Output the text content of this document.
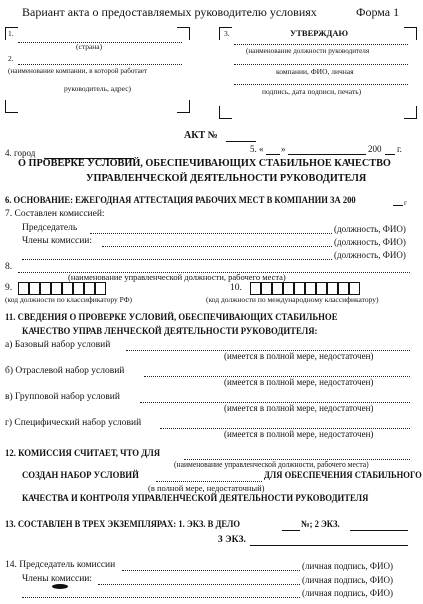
Вариант акта о предоставляемых руководителю условиях	Форма 1
1.
(страна)
2.
(наименование компании, в которой работает
руководитель, адрес)
3.	УТВЕРЖДАЮ
(наименование должности руководителя
компании, ФИО, личная
подпись, дата подписи, печать)
АКТ №
4. город	5. « »	200 г.
О ПРОВЕРКЕ УСЛОВИЙ, ОБЕСПЕЧИВАЮЩИХ СТАБИЛЬНОЕ КАЧЕСТВО
УПРАВЛЕНЧЕСКОЙ ДЕЯТЕЛЬНОСТИ РУКОВОДИТЕЛЯ
6. ОСНОВАНИЕ: ЕЖЕГОДНАЯ АТТЕСТАЦИЯ РАБОЧИХ МЕСТ В КОМПАНИИ ЗА 200	г
7. Составлен комиссией:
Председатель	(должность, ФИО)
Члены комиссии:	(должность, ФИО)
(должность, ФИО)
8.
(наименование управленческой должности, рабочего места)
9.
(код должности по классификатору РФ)
10.
(код должности по международному классификатору)
11. СВЕДЕНИЯ О ПРОВЕРКЕ УСЛОВИЙ, ОБЕСПЕЧИВАЮЩИХ СТАБИЛЬНОЕ
КАЧЕСТВО УПРАВ ЛЕНЧЕСКОЙ ДЕЯТЕЛЬНОСТИ РУКОВОДИТЕЛЯ:
а) Базовый набор условий
(имеется в полной мере, недостаточен)
б) Отраслевой набор условий
(имеется в полной мере, недостаточен)
в) Групповой набор условий
(имеется в полной мере, недостаточен)
г) Специфический набор условий
(имеется в полной мере, недостаточен)
12. КОМИССИЯ СЧИТАЕТ, ЧТО ДЛЯ
(наименование управленческой должности, рабочего места)
СОЗДАН НАБОР УСЛОВИЙ	ДЛЯ ОБЕСПЕЧЕНИЯ СТАБИЛЬНОГО
(в полной мере, недостаточный)
КАЧЕСТВА И КОНТРОЛЯ УПРАВЛЕНЧЕСКОЙ ДЕЯТЕЛЬНОСТИ РУКОВОДИТЕЛЯ
13. СОСТАВЛЕН В ТРЕХ ЭКЗЕМПЛЯРАХ: 1. ЭКЗ. В ДЕЛО	№; 2 ЭКЗ.
3 ЭКЗ.
14. Председатель комиссии	(личная подпись, ФИО)
Члены комиссии:	(личная подпись, ФИО)
(личная подпись, ФИО)
